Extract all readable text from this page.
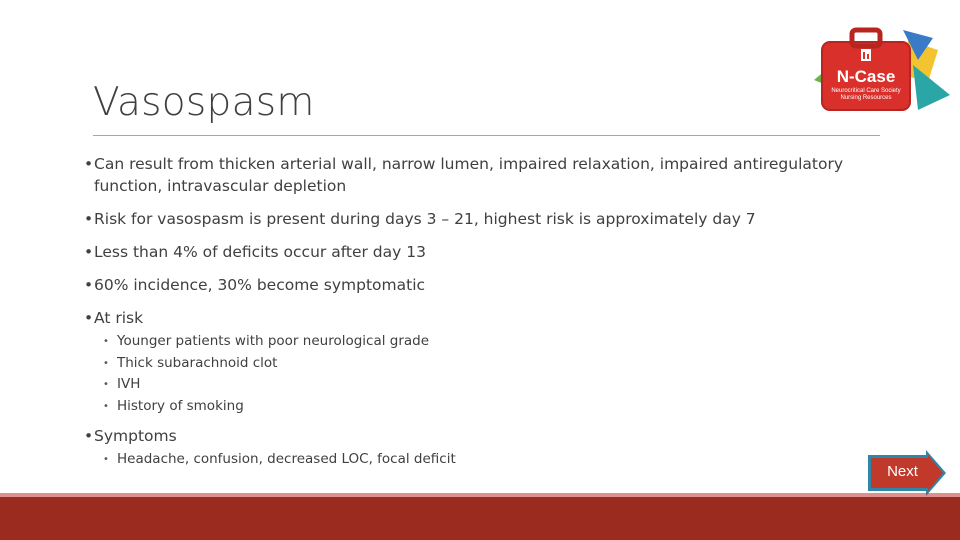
N-Case
Neurocritical Care Society
Nursing Resources
Vasospasm
• Can result from thicken arterial wall, narrow lumen, impaired relaxation, impaired antiregulatory function, intravascular depletion
• Risk for vasospasm is present during days 3 – 21, highest risk is approximately day 7
• Less than 4% of deficits occur after day 13
• 60% incidence, 30% become symptomatic
• At risk
• Younger patients with poor neurological grade
• Thick subarachnoid clot
• IVH
• History of smoking
• Symptoms
• Headache, confusion, decreased LOC, focal deficit
Next
